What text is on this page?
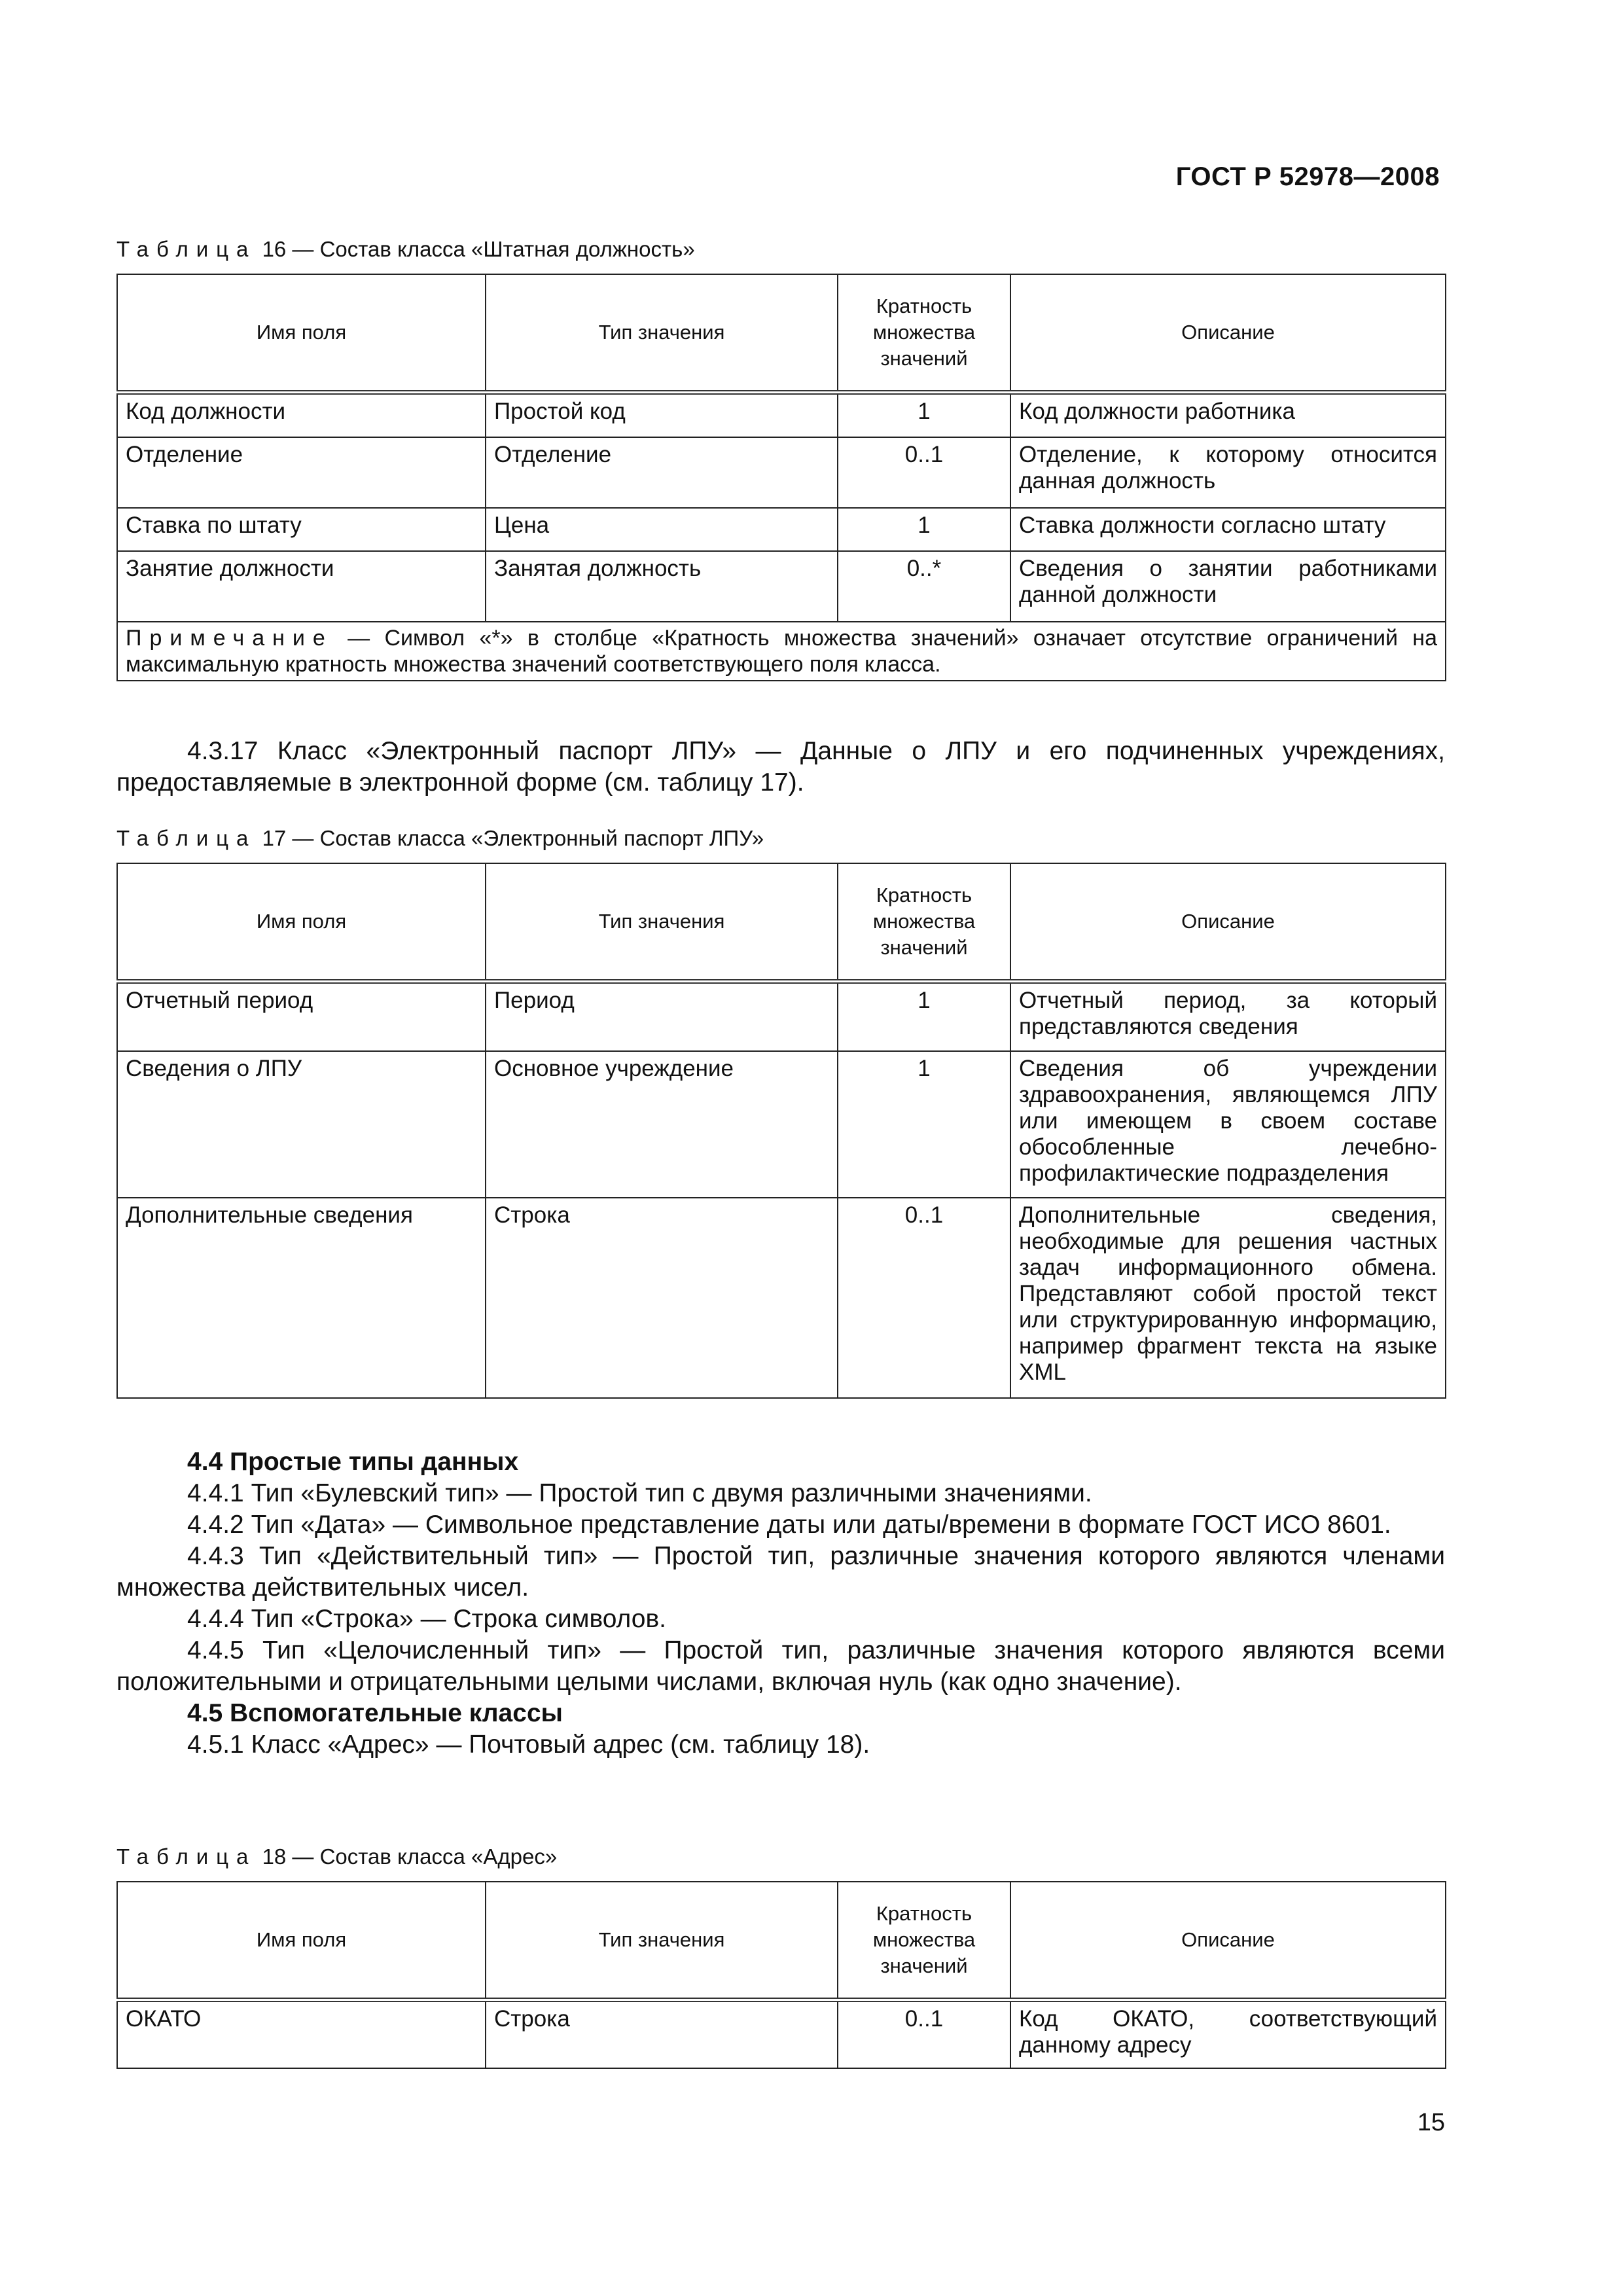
ГОСТ Р 52978—2008
Таблица 16 — Состав класса «Штатная должность»
Имя поля	Тип значения	Кратность множества значений	Описание
Код должности	Простой код	1	Код должности работника
Отделение	Отделение	0..1	Отделение, к которому относится данная должность
Ставка по штату	Цена	1	Ставка должности согласно штату
Занятие должности	Занятая должность	0..*	Сведения о занятии работниками данной должности
Примечание — Символ «*» в столбце «Кратность множества значений» означает отсутствие ограничений на максимальную кратность множества значений соответствующего поля класса.			

4.3.17 Класс «Электронный паспорт ЛПУ» — Данные о ЛПУ и его подчиненных учреждениях, предоставляемые в электронной форме (см. таблицу 17).

Таблица 17 — Состав класса «Электронный паспорт ЛПУ»
Имя поля	Тип значения	Кратность множества значений	Описание
Отчетный период	Период	1	Отчетный период, за который представляются сведения
Сведения о ЛПУ	Основное учреждение	1	Сведения об учреждении здравоохранения, являющемся ЛПУ или имеющем в своем составе обособленные лечебно-профилактические подразделения
Дополнительные сведения	Строка	0..1	Дополнительные сведения, необходимые для решения частных задач информационного обмена. Представляют собой простой текст или структурированную информацию, например фрагмент текста на языке XML

4.4 Простые типы данных

4.4.1 Тип «Булевский тип» — Простой тип с двумя различными значениями.

4.4.2 Тип «Дата» — Символьное представление даты или даты/времени в формате ГОСТ ИСО 8601.

4.4.3 Тип «Действительный тип» — Простой тип, различные значения которого являются членами множества действительных чисел.

4.4.4 Тип «Строка» — Строка символов.

4.4.5 Тип «Целочисленный тип» — Простой тип, различные значения которого являются всеми положительными и отрицательными целыми числами, включая нуль (как одно значение).

4.5 Вспомогательные классы

4.5.1 Класс «Адрес» — Почтовый адрес (см. таблицу 18).

Таблица 18 — Состав класса «Адрес»
Имя поля	Тип значения	Кратность множества значений	Описание
ОКАТО	Строка	0..1	Код ОКАТО, соответствующий данному адресу
15
